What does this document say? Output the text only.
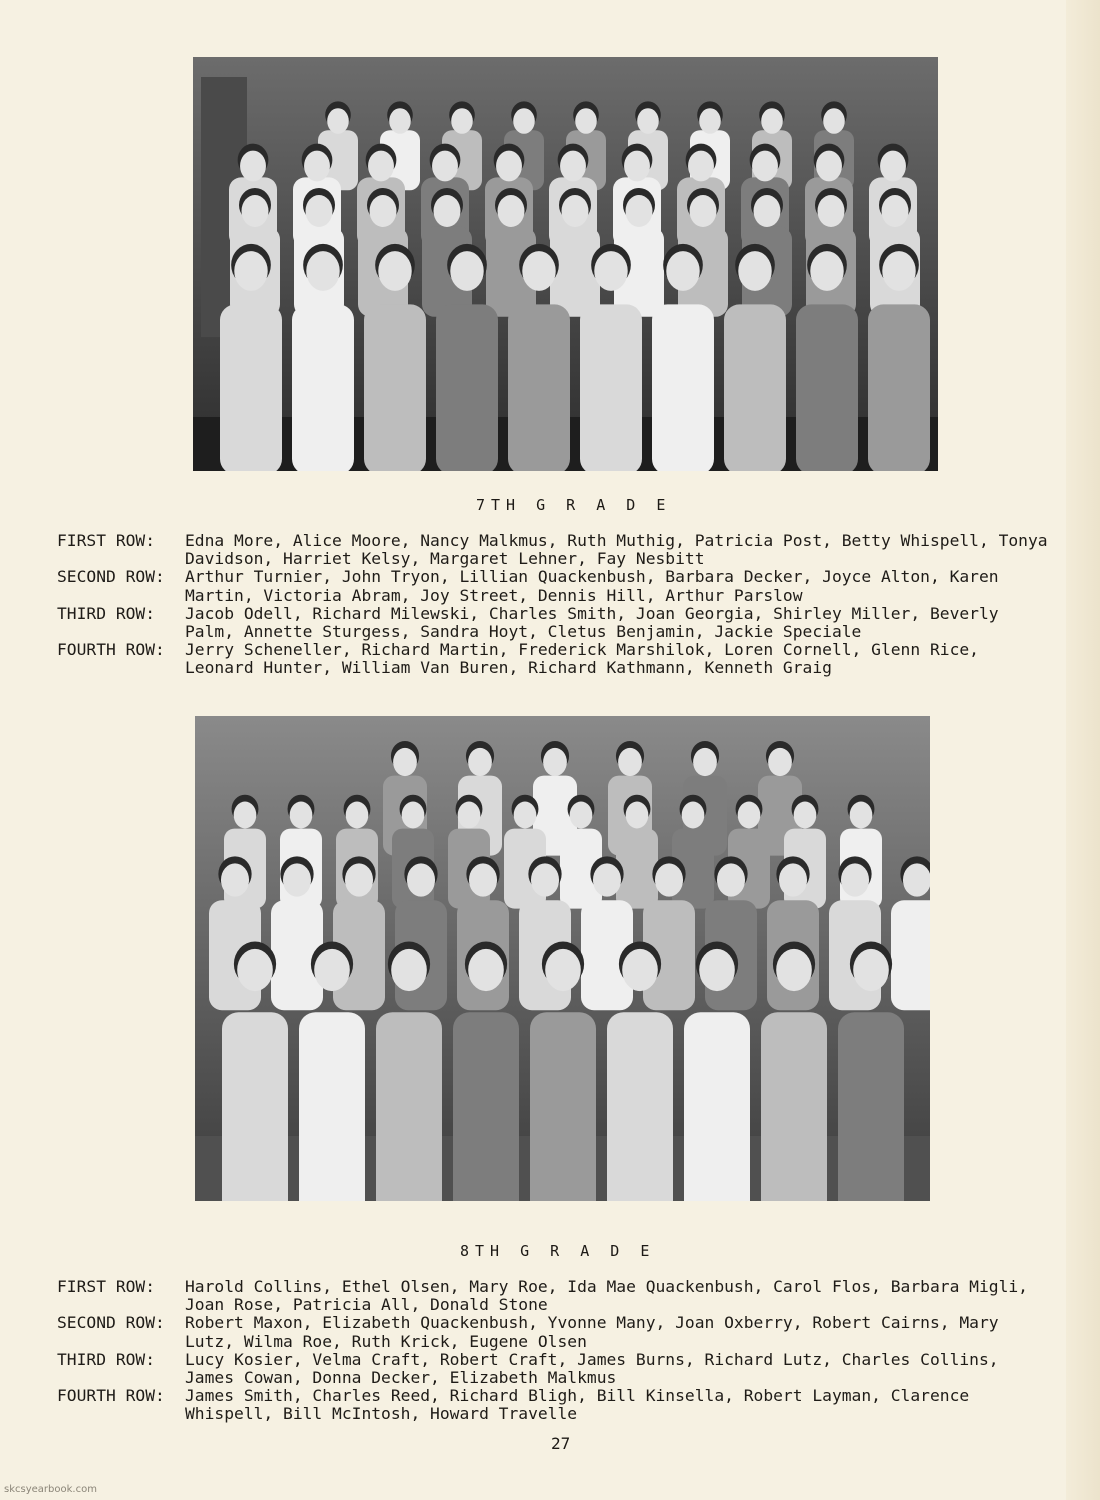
7TH G R A D E
FIRST ROW:	Edna More, Alice Moore, Nancy Malkmus, Ruth Muthig, Patricia Post, Betty Whispell, Tonya Davidson, Harriet Kelsy, Margaret Lehner, Fay Nesbitt
SECOND ROW:	Arthur Turnier, John Tryon, Lillian Quackenbush, Barbara Decker, Joyce Alton, Karen Martin, Victoria Abram, Joy Street, Dennis Hill, Arthur Parslow
THIRD ROW:	Jacob Odell, Richard Milewski, Charles Smith, Joan Georgia, Shirley Miller, Beverly Palm, Annette Sturgess, Sandra Hoyt, Cletus Benjamin, Jackie Speciale
FOURTH ROW:	Jerry Scheneller, Richard Martin, Frederick Marshilok, Loren Cornell, Glenn Rice, Leonard Hunter, William Van Buren, Richard Kathmann, Kenneth Graig
8TH G R A D E
FIRST ROW:	Harold Collins, Ethel Olsen, Mary Roe, Ida Mae Quackenbush, Carol Flos, Barbara Migli, Joan Rose, Patricia All, Donald Stone
SECOND ROW:	Robert Maxon, Elizabeth Quackenbush, Yvonne Many, Joan Oxberry, Robert Cairns, Mary Lutz, Wilma Roe, Ruth Krick, Eugene Olsen
THIRD ROW:	Lucy Kosier, Velma Craft, Robert Craft, James Burns, Richard Lutz, Charles Collins, James Cowan, Donna Decker, Elizabeth Malkmus
FOURTH ROW:	James Smith, Charles Reed, Richard Bligh, Bill Kinsella, Robert Layman, Clarence Whispell, Bill McIntosh, Howard Travelle
27
skcsyearbook.com
